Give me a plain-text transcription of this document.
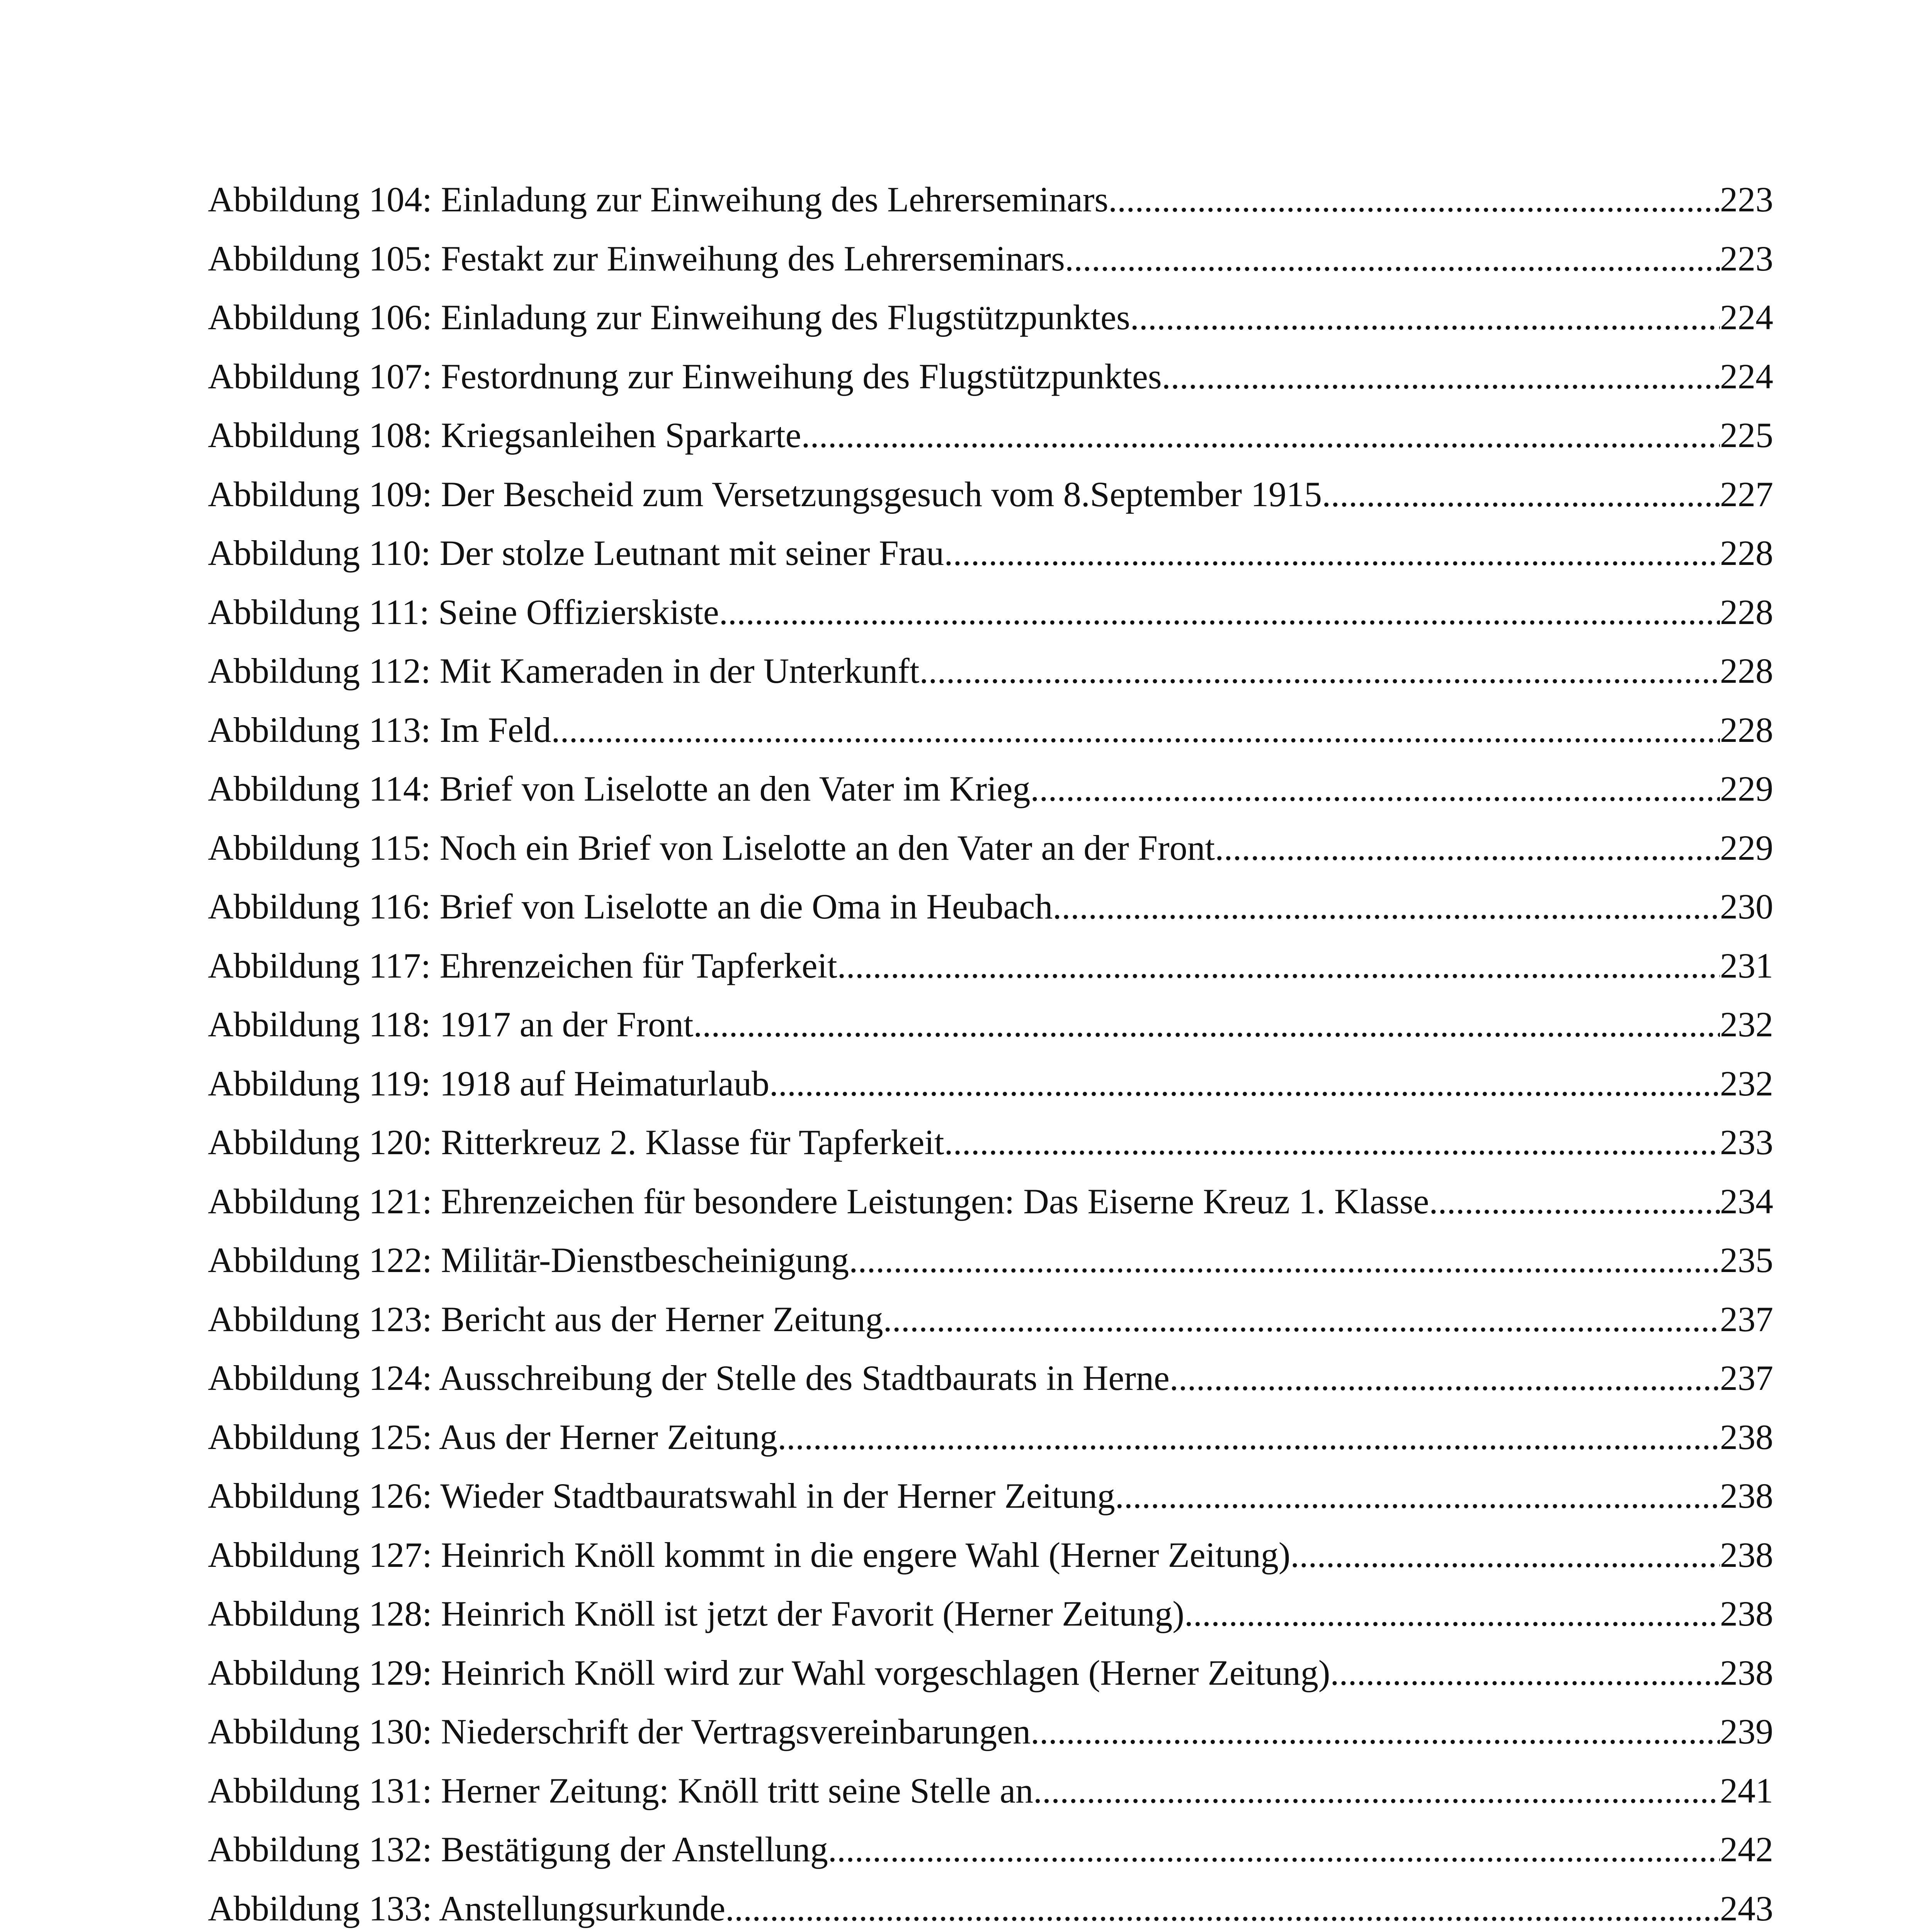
Abbildung 104: Einladung zur Einweihung des Lehrerseminars .....	223
Abbildung 105: Festakt zur Einweihung des Lehrerseminars .....	223
Abbildung 106: Einladung zur Einweihung des Flugstützpunktes .....	224
Abbildung 107: Festordnung zur Einweihung des Flugstützpunktes .....	224
Abbildung 108: Kriegsanleihen Sparkarte .....	225
Abbildung 109: Der Bescheid zum Versetzungsgesuch vom 8.September 1915 .....	227
Abbildung 110: Der stolze Leutnant mit seiner Frau .....	228
Abbildung 111: Seine Offizierskiste .....	228
Abbildung 112: Mit Kameraden in der Unterkunft .....	228
Abbildung 113: Im Feld .....	228
Abbildung 114: Brief von Liselotte an den Vater im Krieg .....	229
Abbildung 115: Noch ein Brief von Liselotte an den Vater an der Front .....	229
Abbildung 116: Brief von Liselotte an die Oma in Heubach .....	230
Abbildung 117: Ehrenzeichen für Tapferkeit .....	231
Abbildung 118: 1917 an der Front .....	232
Abbildung 119: 1918 auf Heimaturlaub .....	232
Abbildung 120: Ritterkreuz 2. Klasse für Tapferkeit .....	233
Abbildung 121: Ehrenzeichen für besondere Leistungen: Das Eiserne Kreuz 1. Klasse .....	234
Abbildung 122: Militär-Dienstbescheinigung .....	235
Abbildung 123: Bericht aus der Herner Zeitung .....	237
Abbildung 124: Ausschreibung der Stelle des Stadtbaurats in Herne .....	237
Abbildung 125: Aus der Herner Zeitung .....	238
Abbildung 126: Wieder Stadtbauratswahl in der Herner Zeitung .....	238
Abbildung 127: Heinrich Knöll kommt in die engere Wahl (Herner Zeitung) .....	238
Abbildung 128: Heinrich Knöll ist jetzt der Favorit (Herner Zeitung) .....	238
Abbildung 129: Heinrich Knöll wird zur Wahl vorgeschlagen (Herner Zeitung) .....	238
Abbildung 130: Niederschrift der Vertragsvereinbarungen .....	239
Abbildung 131: Herner Zeitung: Knöll tritt seine Stelle an .....	241
Abbildung 132: Bestätigung der Anstellung .....	242
Abbildung 133: Anstellungsurkunde .....	243
